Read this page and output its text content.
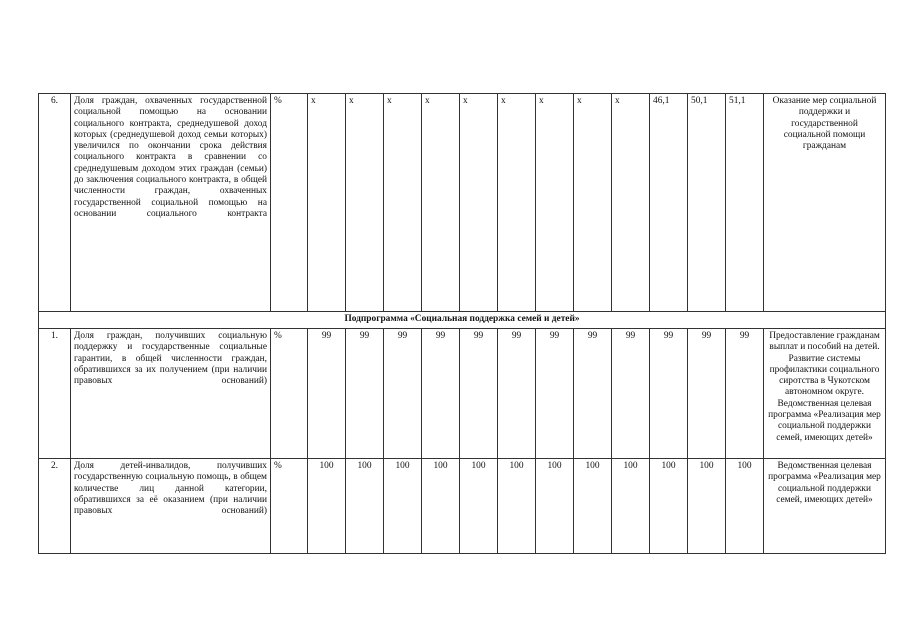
6.	Доля граждан, охваченных государственной социальной помощью на основании социального контракта, среднедушевой доход которых (среднедушевой доход семьи которых) увеличился по окончании срока действия социального контракта в сравнении со среднедушевым доходом этих граждан (семьи) до заключения социального контракта, в общей численности граждан, охваченных государственной социальной помощью на основании социального контракта	%	х	х	х	х	х	х	х	х	х	46,1	50,1	51,1	Оказание мер социальной поддержки и государственной социальной помощи гражданам
Подпрограмма «Социальная поддержка семей и детей»															
1.	Доля граждан, получивших социальную поддержку и государственные социальные гарантии, в общей численности граждан, обратившихся за их получением (при наличии правовых оснований)	%	99	99	99	99	99	99	99	99	99	99	99	99	Предоставление гражданам выплат и пособий на детей. Развитие системы профилактики социального сиротства в Чукотском автономном округе. Ведомственная целевая программа «Реализация мер социальной поддержки семей, имеющих детей»
2.	Доля детей-инвалидов, получивших государственную социальную помощь, в общем количестве лиц данной категории, обратившихся за её оказанием (при наличии правовых оснований)	%	100	100	100	100	100	100	100	100	100	100	100	100	Ведомственная целевая программа «Реализация мер социальной поддержки семей, имеющих детей»
